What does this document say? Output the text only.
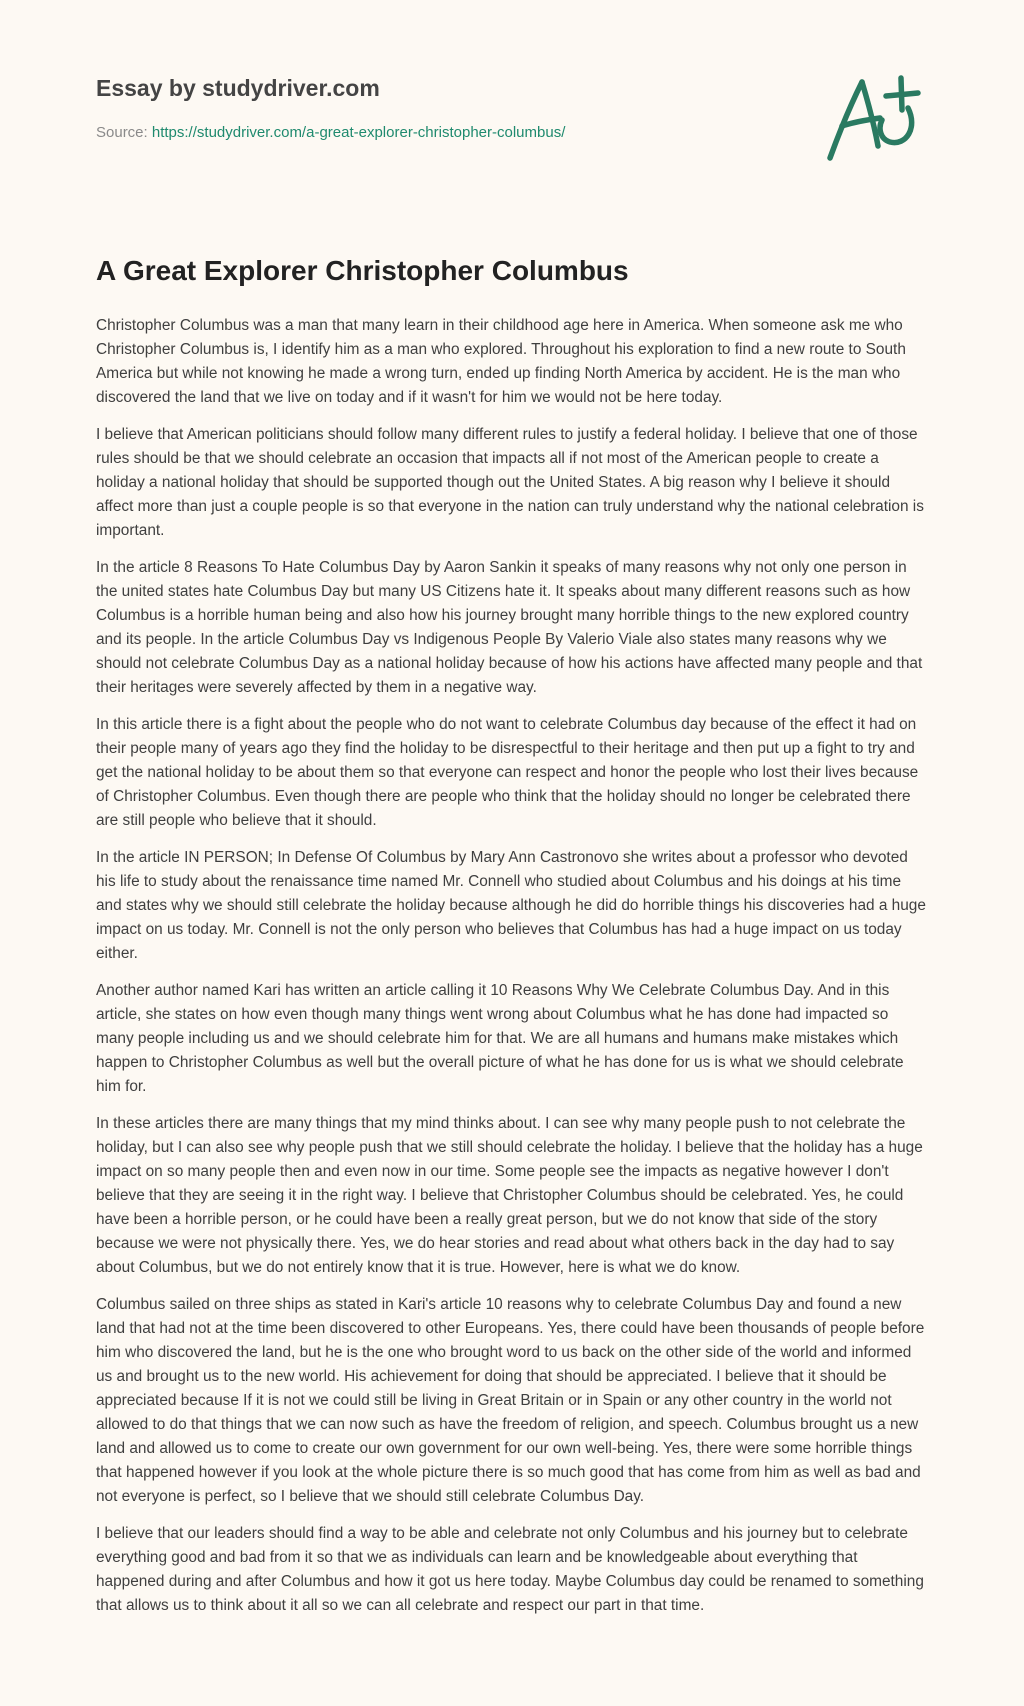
Essay by studydriver.com
Source: https://studydriver.com/a-great-explorer-christopher-columbus/
A Great Explorer Christopher Columbus

Christopher Columbus was a man that many learn in their childhood age here in America. When someone ask me who Christopher Columbus is, I identify him as a man who explored. Throughout his exploration to find a new route to South America but while not knowing he made a wrong turn, ended up finding North America by accident. He is the man who discovered the land that we live on today and if it wasn't for him we would not be here today.

I believe that American politicians should follow many different rules to justify a federal holiday. I believe that one of those rules should be that we should celebrate an occasion that impacts all if not most of the American people to create a holiday a national holiday that should be supported though out the United States. A big reason why I believe it should affect more than just a couple people is so that everyone in the nation can truly understand why the national celebration is important.

In the article 8 Reasons To Hate Columbus Day by Aaron Sankin it speaks of many reasons why not only one person in the united states hate Columbus Day but many US Citizens hate it. It speaks about many different reasons such as how Columbus is a horrible human being and also how his journey brought many horrible things to the new explored country and its people. In the article Columbus Day vs Indigenous People By Valerio Viale also states many reasons why we should not celebrate Columbus Day as a national holiday because of how his actions have affected many people and that their heritages were severely affected by them in a negative way.

In this article there is a fight about the people who do not want to celebrate Columbus day because of the effect it had on their people many of years ago they find the holiday to be disrespectful to their heritage and then put up a fight to try and get the national holiday to be about them so that everyone can respect and honor the people who lost their lives because of Christopher Columbus. Even though there are people who think that the holiday should no longer be celebrated there are still people who believe that it should.

In the article IN PERSON; In Defense Of Columbus by Mary Ann Castronovo she writes about a professor who devoted his life to study about the renaissance time named Mr. Connell who studied about Columbus and his doings at his time and states why we should still celebrate the holiday because although he did do horrible things his discoveries had a huge impact on us today. Mr. Connell is not the only person who believes that Columbus has had a huge impact on us today either.

Another author named Kari has written an article calling it 10 Reasons Why We Celebrate Columbus Day. And in this article, she states on how even though many things went wrong about Columbus what he has done had impacted so many people including us and we should celebrate him for that. We are all humans and humans make mistakes which happen to Christopher Columbus as well but the overall picture of what he has done for us is what we should celebrate him for.

In these articles there are many things that my mind thinks about. I can see why many people push to not celebrate the holiday, but I can also see why people push that we still should celebrate the holiday. I believe that the holiday has a huge impact on so many people then and even now in our time. Some people see the impacts as negative however I don't believe that they are seeing it in the right way. I believe that Christopher Columbus should be celebrated. Yes, he could have been a horrible person, or he could have been a really great person, but we do not know that side of the story because we were not physically there. Yes, we do hear stories and read about what others back in the day had to say about Columbus, but we do not entirely know that it is true. However, here is what we do know.

Columbus sailed on three ships as stated in Kari's article 10 reasons why to celebrate Columbus Day and found a new land that had not at the time been discovered to other Europeans. Yes, there could have been thousands of people before him who discovered the land, but he is the one who brought word to us back on the other side of the world and informed us and brought us to the new world. His achievement for doing that should be appreciated. I believe that it should be appreciated because If it is not we could still be living in Great Britain or in Spain or any other country in the world not allowed to do that things that we can now such as have the freedom of religion, and speech. Columbus brought us a new land and allowed us to come to create our own government for our own well-being. Yes, there were some horrible things that happened however if you look at the whole picture there is so much good that has come from him as well as bad and not everyone is perfect, so I believe that we should still celebrate Columbus Day.

I believe that our leaders should find a way to be able and celebrate not only Columbus and his journey but to celebrate everything good and bad from it so that we as individuals can learn and be knowledgeable about everything that happened during and after Columbus and how it got us here today. Maybe Columbus day could be renamed to something that allows us to think about it all so we can all celebrate and respect our part in that time.
